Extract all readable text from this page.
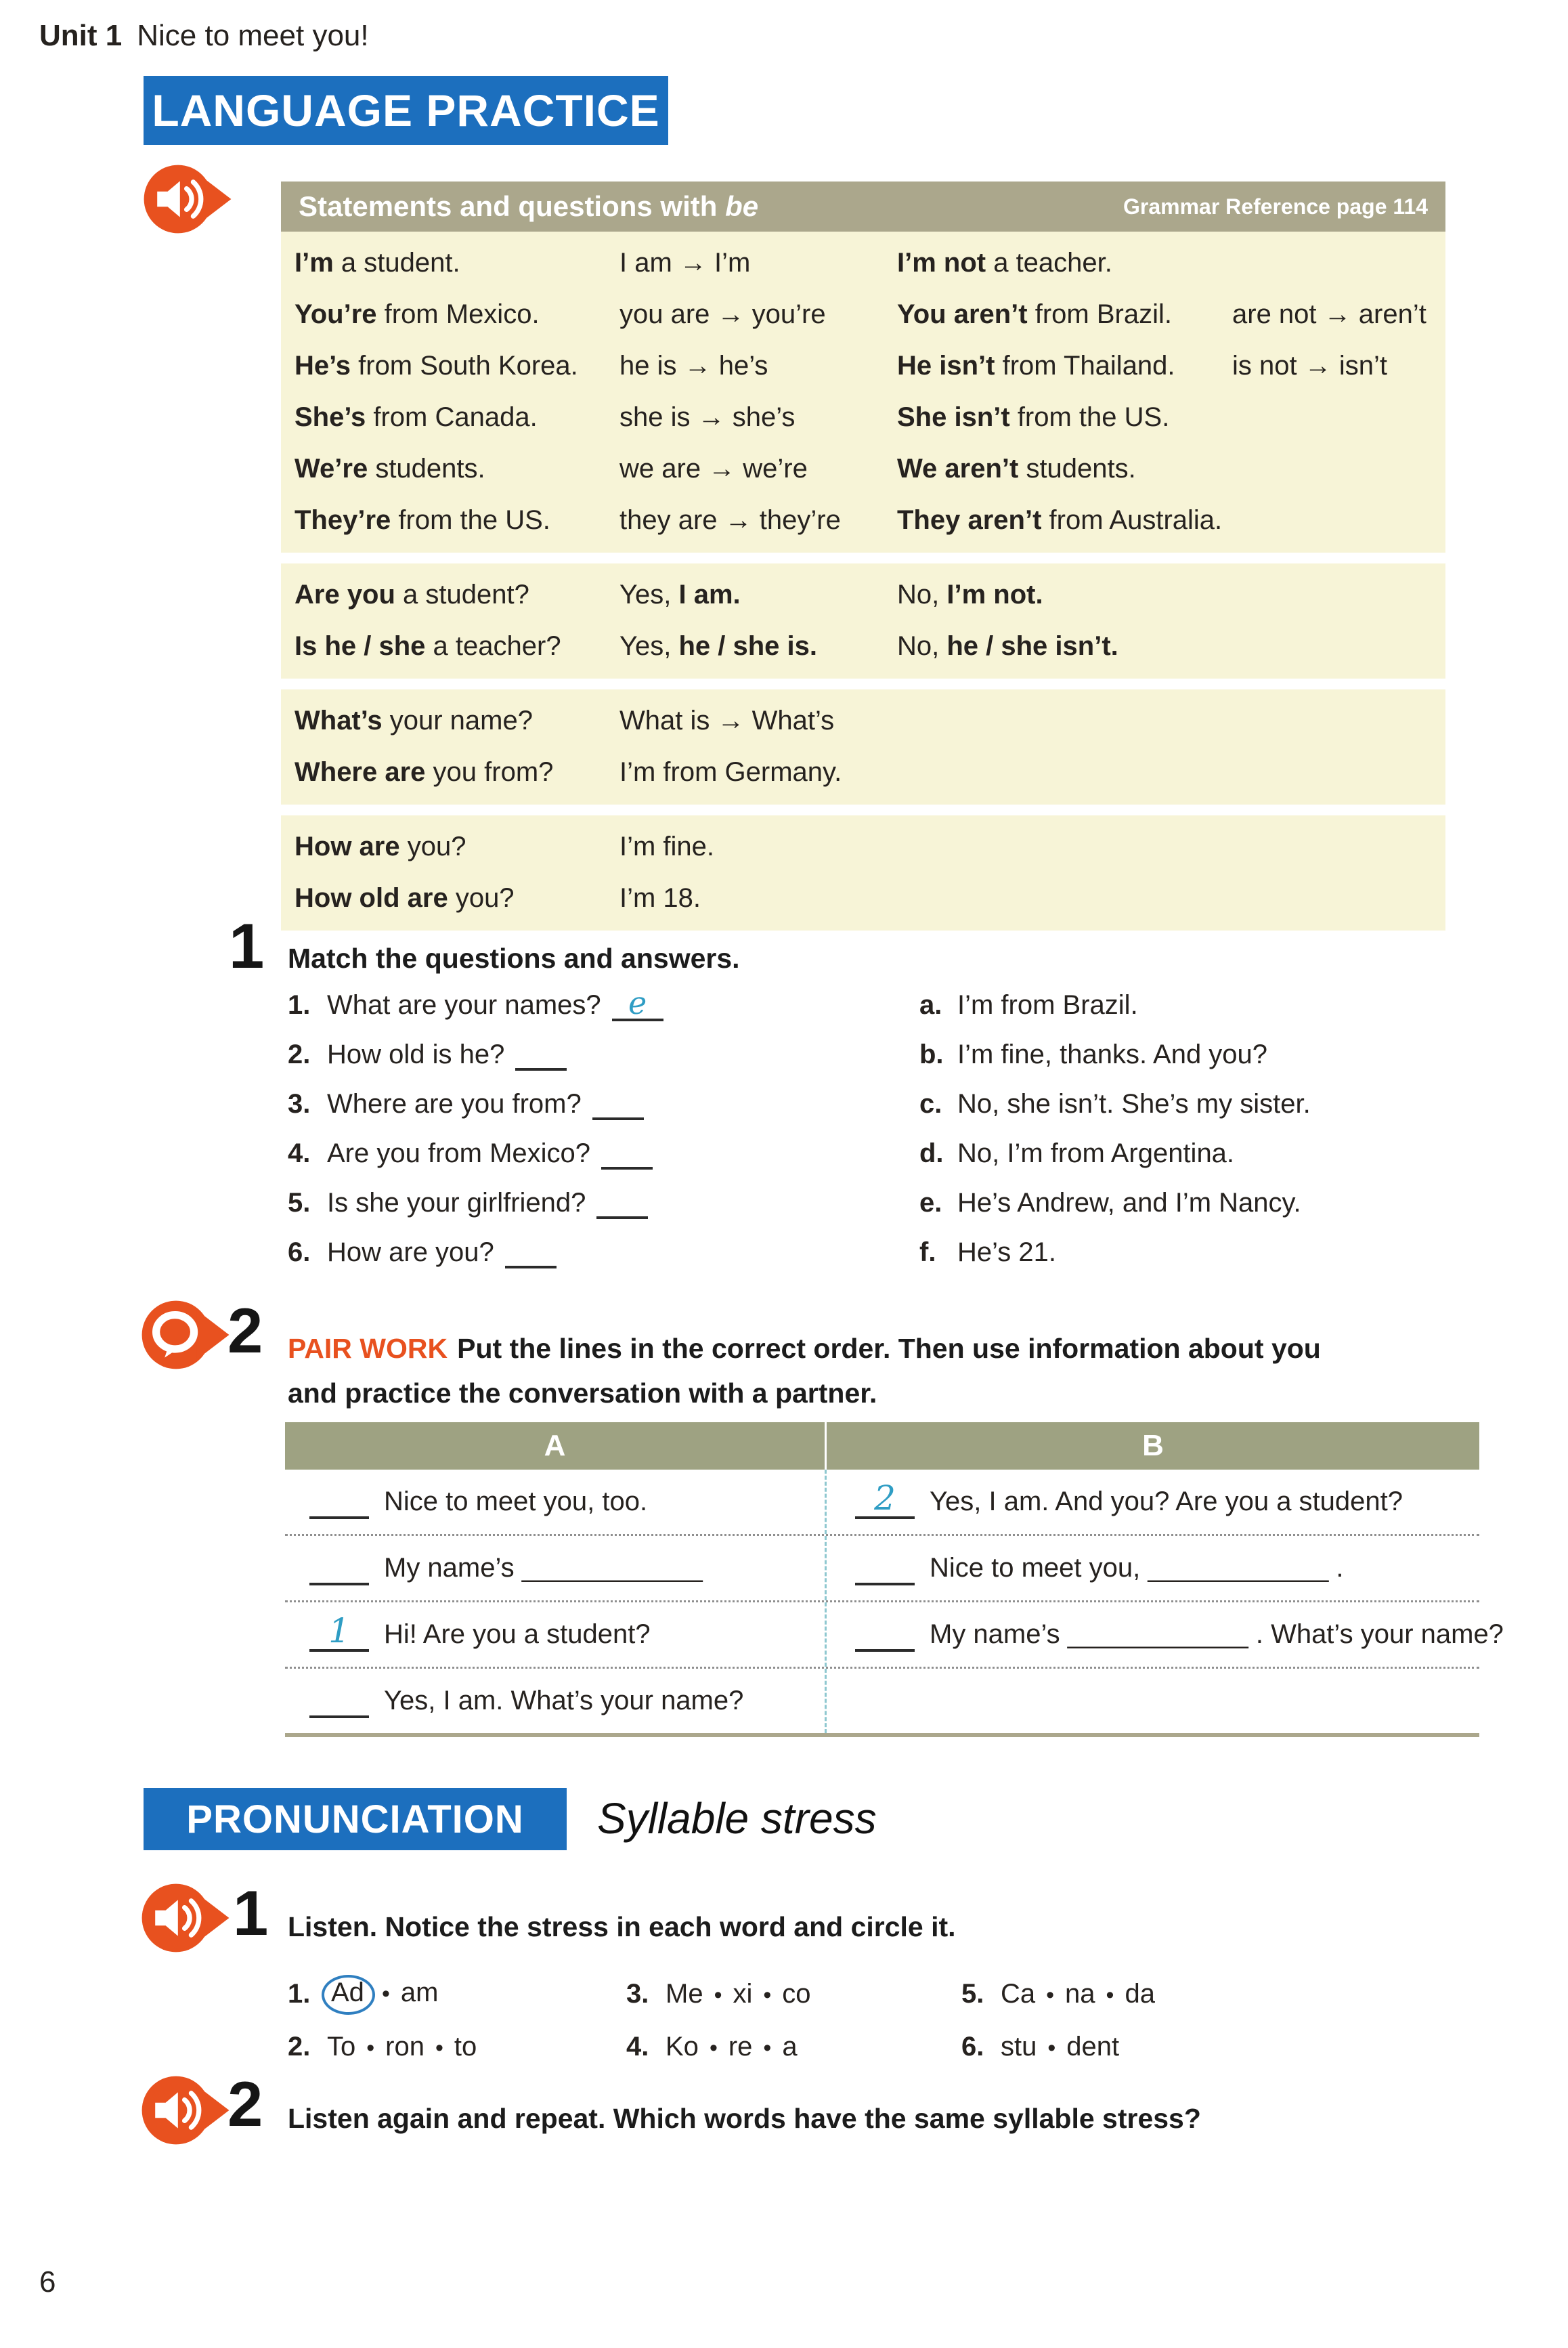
Unit 1 Nice to meet you!
LANGUAGE PRACTICE
Statements and questions with be	Grammar Reference page 114
I’m a student.	I am → I’m	I’m not a teacher.
You’re from Mexico.	you are → you’re	You aren’t from Brazil.	are not → aren’t
He’s from South Korea.	he is → he’s	He isn’t from Thailand.	is not → isn’t
She’s from Canada.	she is → she’s	She isn’t from the US.
We’re students.	we are → we’re	We aren’t students.
They’re from the US.	they are → they’re	They aren’t from Australia.
Are you a student?	Yes, I am.	No, I’m not.
Is he / she a teacher?	Yes, he / she is.	No, he / she isn’t.
What’s your name?	What is → What’s
Where are you from?	I’m from Germany.
How are you?	I’m fine.
How old are you?	I’m 18.
1 Match the questions and answers.
1. What are your names? e
2. How old is he?
3. Where are you from?
4. Are you from Mexico?
5. Is she your girlfriend?
6. How are you?
a. I’m from Brazil.
b. I’m fine, thanks. And you?
c. No, she isn’t. She’s my sister.
d. No, I’m from Argentina.
e. He’s Andrew, and I’m Nancy.
f. He’s 21.
2 PAIR WORK Put the lines in the correct order. Then use information about you and practice the conversation with a partner.
A	B
Nice to meet you, too.	2 Yes, I am. And you? Are you a student?
My name’s ____________	Nice to meet you, ____________ .
1 Hi! Are you a student?	My name’s ____________ . What’s your name?
Yes, I am. What’s your name?
PRONUNCIATION Syllable stress
1 Listen. Notice the stress in each word and circle it.
1. Ad • am
2. To • ron • to
3. Me • xi • co
4. Ko • re • a
5. Ca • na • da
6. stu • dent
2 Listen again and repeat. Which words have the same syllable stress?
6
